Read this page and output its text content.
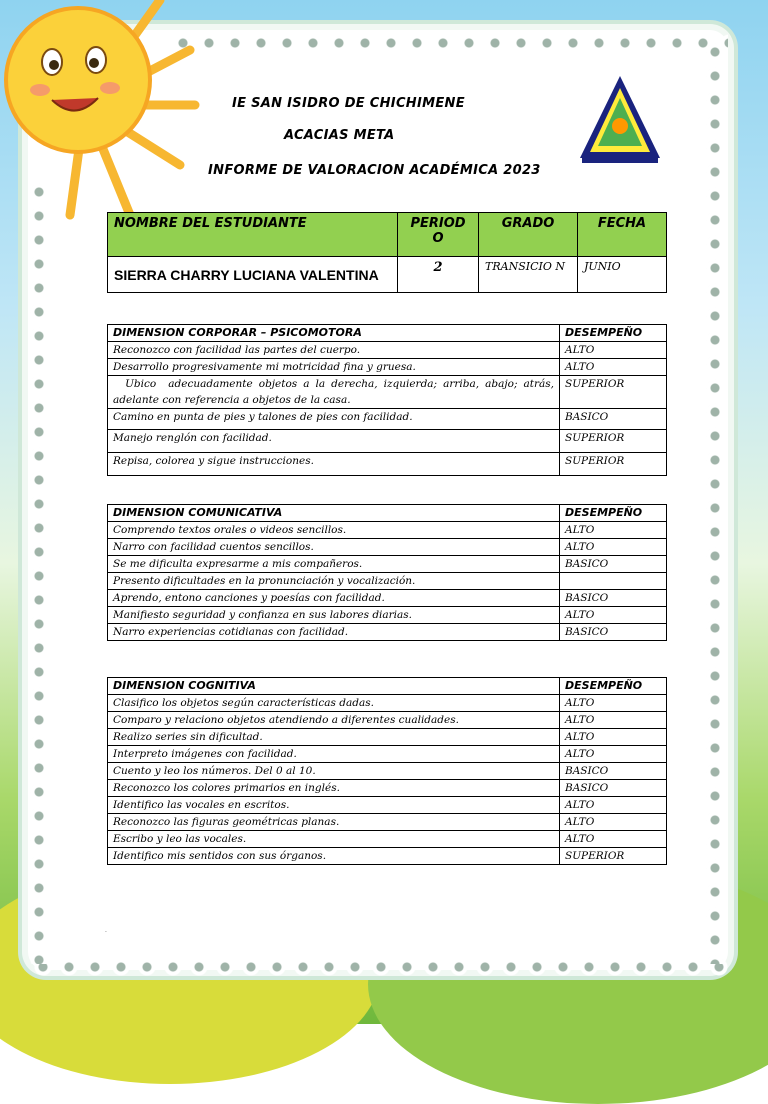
IE SAN ISIDRO DE CHICHIMENE
ACACIAS META
INFORME DE VALORACION ACADÉMICA 2023
NOMBRE DEL ESTUDIANTE	PERIOD O	GRADO	FECHA
SIERRA CHARRY LUCIANA VALENTINA	2	TRANSICIO N	JUNIO
DIMENSION CORPORAR – PSICOMOTORA	DESEMPEÑO
Reconozco con facilidad las partes del cuerpo.	ALTO
Desarrollo progresivamente mi motricidad fina y gruesa.	ALTO
Ubico  adecuadamente objetos a la derecha, izquierda; arriba, abajo; atrás, adelante con referencia a objetos de la casa.	SUPERIOR
Camino en punta de pies y talones de pies con facilidad.	BASICO
Manejo renglón con facilidad.	SUPERIOR
Repisa, colorea y sigue instrucciones.	SUPERIOR
DIMENSION COMUNICATIVA	DESEMPEÑO
Comprendo textos orales o videos sencillos.	ALTO
Narro con facilidad cuentos sencillos.	ALTO
Se me dificulta expresarme a mis compañeros.	BASICO
Presento dificultades en la pronunciación y vocalización.	
Aprendo, entono canciones y poesías con facilidad.	BASICO
Manifiesto seguridad y confianza en sus labores diarias.	ALTO
Narro experiencias cotidianas con facilidad.	BASICO
DIMENSION COGNITIVA	DESEMPEÑO
Clasifico los objetos según características dadas.	ALTO
Comparo y relaciono objetos atendiendo a diferentes cualidades.	ALTO
Realizo series sin dificultad.	ALTO
Interpreto imágenes con facilidad.	ALTO
Cuento y leo los números. Del 0 al 10.	BASICO
Reconozco los colores primarios en inglés.	BASICO
Identifico las vocales en escritos.	ALTO
Reconozco las figuras geométricas planas.	ALTO
Escribo y leo las vocales.	ALTO
Identifico mis sentidos con sus órganos.	SUPERIOR
.
